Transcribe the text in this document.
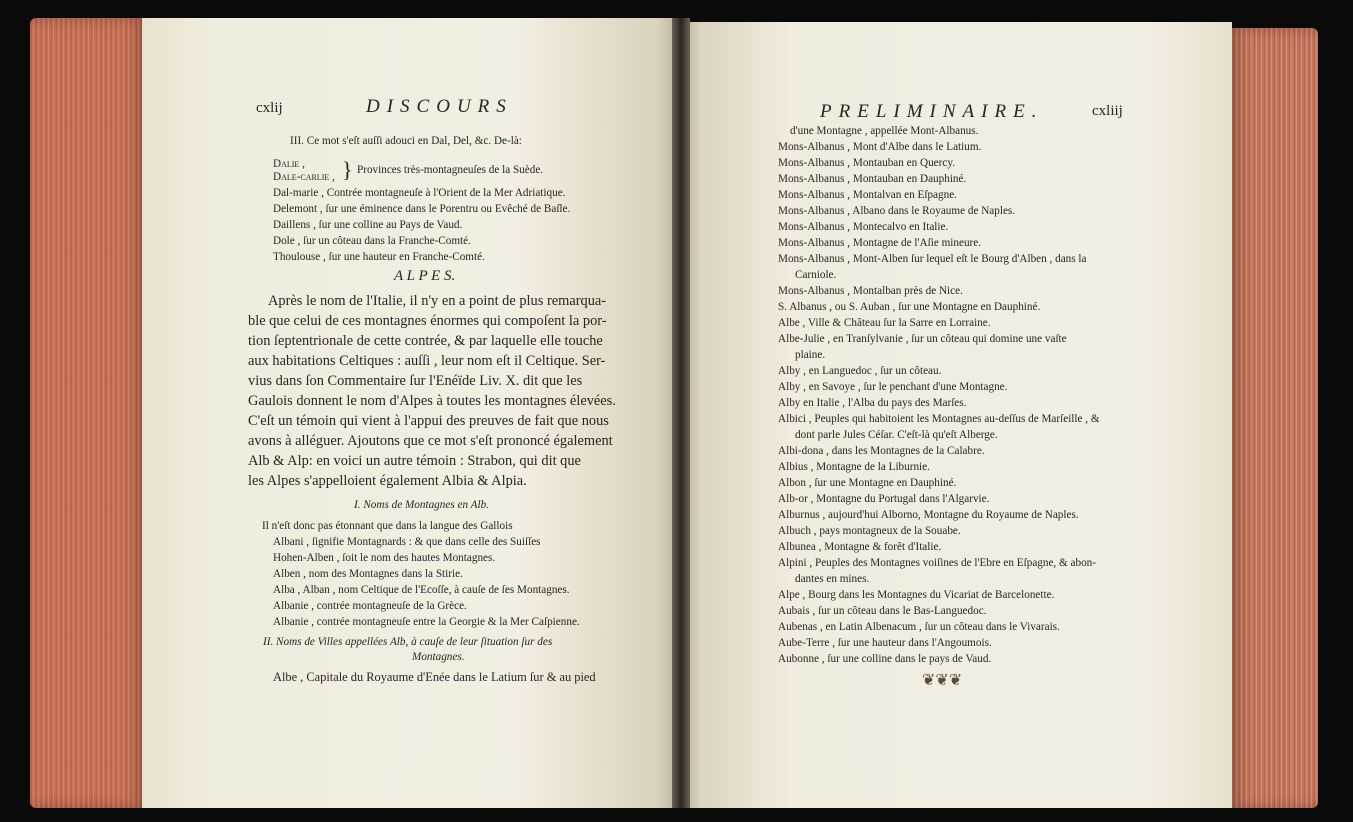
cxlij	DISCOURS
III. Ce mot s'eſt auſſi adouci en Dal, Del, &c. De-là:
Dalie ,
Dale-carlie , } Provinces très-montagneuſes de la Suède.
Dal-marie , Contrée montagneuſe à l'Orient de la Mer Adriatique.
Delemont , ſur une éminence dans le Porentru ou Evêché de Baſle.
Daillens , ſur une colline au Pays de Vaud.
Dole , ſur un côteau dans la Franche-Comté.
Thoulouse , ſur une hauteur en Franche-Comté.
A L P E S.
Après le nom de l'Italie, il n'y en a point de plus remarqua-
ble que celui de ces montagnes énormes qui compoſent la por-
tion ſeptentrionale de cette contrée, & par laquelle elle touche
aux habitations Celtiques : auſſi , leur nom eſt il Celtique. Ser-
vius dans ſon Commentaire ſur l'Enéïde Liv. X. dit que les
Gaulois donnent le nom d'Alpes à toutes les montagnes élevées.
C'eſt un témoin qui vient à l'appui des preuves de fait que nous
avons à alléguer. Ajoutons que ce mot s'eſt prononcé également
Alb & Alp: en voici un autre témoin : Strabon, qui dit que
les Alpes s'appelloient également Albia & Alpia.
I. Noms de Montagnes en Alb.
Il n'eſt donc pas étonnant que dans la langue des Gallois
Albani , ſignifie Montagnards : & que dans celle des Suiſſes
Hohen-Alben , ſoit le nom des hautes Montagnes.
Alben , nom des Montagnes dans la Stirie.
Alba , Alban , nom Celtique de l'Ecoſſe, à cauſe de ſes Montagnes.
Albanie , contrée montagneuſe de la Grèce.
Albanie , contrée montagneuſe entre la Georgie & la Mer Caſpienne.
II. Noms de Villes appellées Alb, à cauſe de leur ſituation ſur des
Montagnes.
Albe , Capitale du Royaume d'Enée dans le Latium ſur & au pied
PRELIMINAIRE.	cxliij
d'une Montagne , appellée Mont-Albanus.
Mons-Albanus , Mont d'Albe dans le Latium.
Mons-Albanus , Montauban en Quercy.
Mons-Albanus , Montauban en Dauphiné.
Mons-Albanus , Montalvan en Eſpagne.
Mons-Albanus , Albano dans le Royaume de Naples.
Mons-Albanus , Montecalvo en Italie.
Mons-Albanus , Montagne de l'Aſie mineure.
Mons-Albanus , Mont-Alben ſur lequel eſt le Bourg d'Alben , dans la
Carniole.
Mons-Albanus , Montalban près de Nice.
S. Albanus , ou S. Auban , ſur une Montagne en Dauphiné.
Albe , Ville & Château ſur la Sarre en Lorraine.
Albe-Julie , en Tranſylvanie , ſur un côteau qui domine une vaſte
plaine.
Alby , en Languedoc , ſur un côteau.
Alby , en Savoye , ſur le penchant d'une Montagne.
Alby en Italie , l'Alba du pays des Marſes.
Albici , Peuples qui habitoient les Montagnes au-deſſus de Marſeille , &
dont parle Jules Céſar. C'eſt-là qu'eſt Alberge.
Albi-dona , dans les Montagnes de la Calabre.
Albius , Montagne de la Liburnie.
Albon , ſur une Montagne en Dauphiné.
Alb-or , Montagne du Portugal dans l'Algarvie.
Alburnus , aujourd'hui Alborno, Montagne du Royaume de Naples.
Albuch , pays montagneux de la Souabe.
Albunea , Montagne & forêt d'Italie.
Alpini , Peuples des Montagnes voiſines de l'Ebre en Eſpagne, & abon-
dantes en mines.
Alpe , Bourg dans les Montagnes du Vicariat de Barcelonette.
Aubais , ſur un côteau dans le Bas-Languedoc.
Aubenas , en Latin Albenacum , ſur un côteau dans le Vivarais.
Aube-Terre , ſur une hauteur dans l'Angoumois.
Aubonne , ſur une colline dans le pays de Vaud.
❦❦❦
